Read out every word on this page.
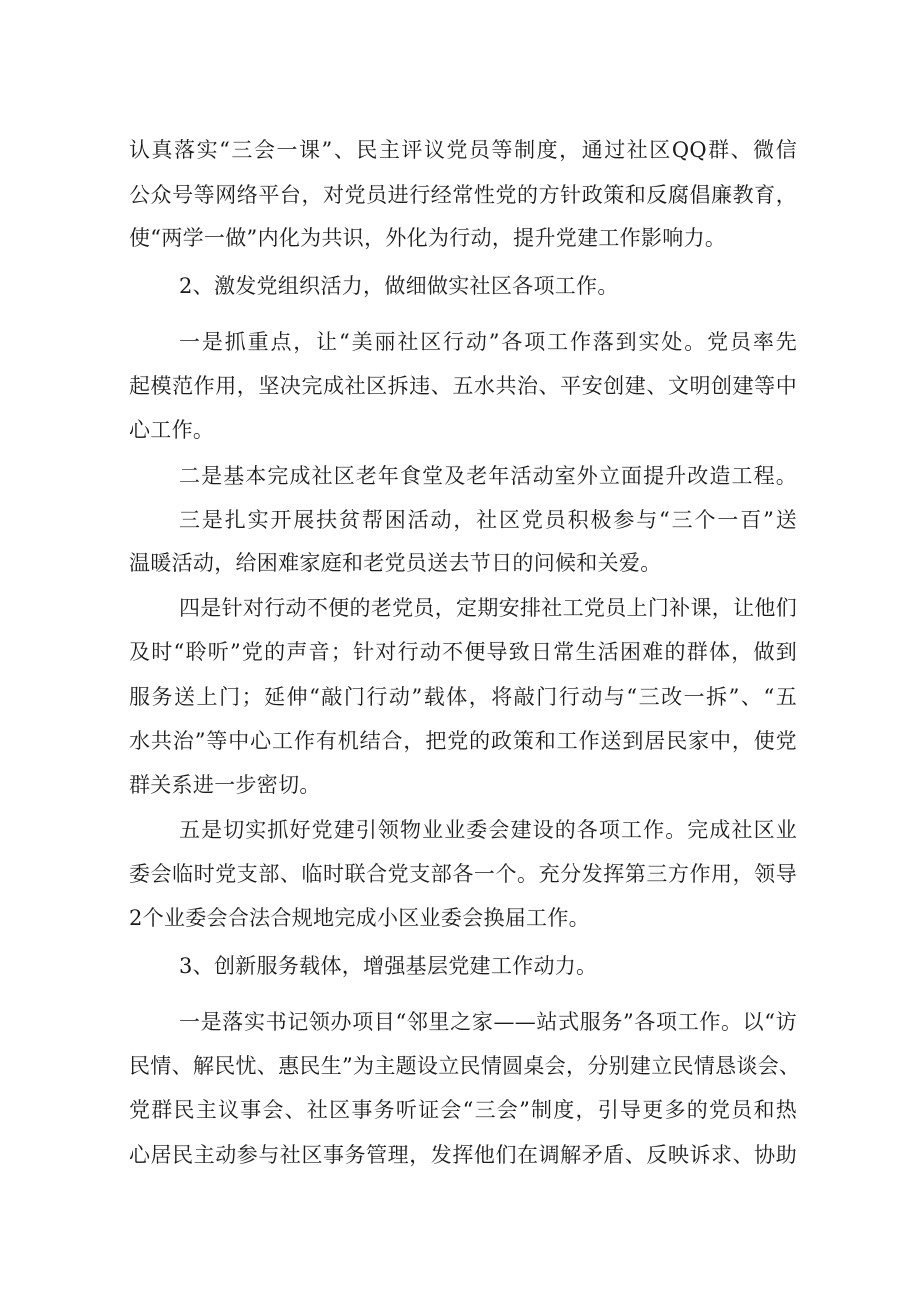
认真落实“三会一课”、民主评议党员等制度，通过社区QQ群、微信
公众号等网络平台，对党员进行经常性党的方针政策和反腐倡廉教育，
使“两学一做”内化为共识，外化为行动，提升党建工作影响力。
2、激发党组织活力，做细做实社区各项工作。
一是抓重点，让“美丽社区行动”各项工作落到实处。党员率先
起模范作用，坚决完成社区拆违、五水共治、平安创建、文明创建等中
心工作。
二是基本完成社区老年食堂及老年活动室外立面提升改造工程。
三是扎实开展扶贫帮困活动，社区党员积极参与“三个一百”送
温暖活动，给困难家庭和老党员送去节日的问候和关爱。
四是针对行动不便的老党员，定期安排社工党员上门补课，让他们
及时“聆听”党的声音；针对行动不便导致日常生活困难的群体，做到
服务送上门；延伸“敲门行动”载体，将敲门行动与“三改一拆”、“五
水共治”等中心工作有机结合，把党的政策和工作送到居民家中，使党
群关系进一步密切。
五是切实抓好党建引领物业业委会建设的各项工作。完成社区业
委会临时党支部、临时联合党支部各一个。充分发挥第三方作用，领导
2个业委会合法合规地完成小区业委会换届工作。
3、创新服务载体，增强基层党建工作动力。
一是落实书记领办项目“邻里之家——站式服务”各项工作。以“访
民情、解民忧、惠民生”为主题设立民情圆桌会，分别建立民情恳谈会、
党群民主议事会、社区事务听证会“三会”制度，引导更多的党员和热
心居民主动参与社区事务管理，发挥他们在调解矛盾、反映诉求、协助
